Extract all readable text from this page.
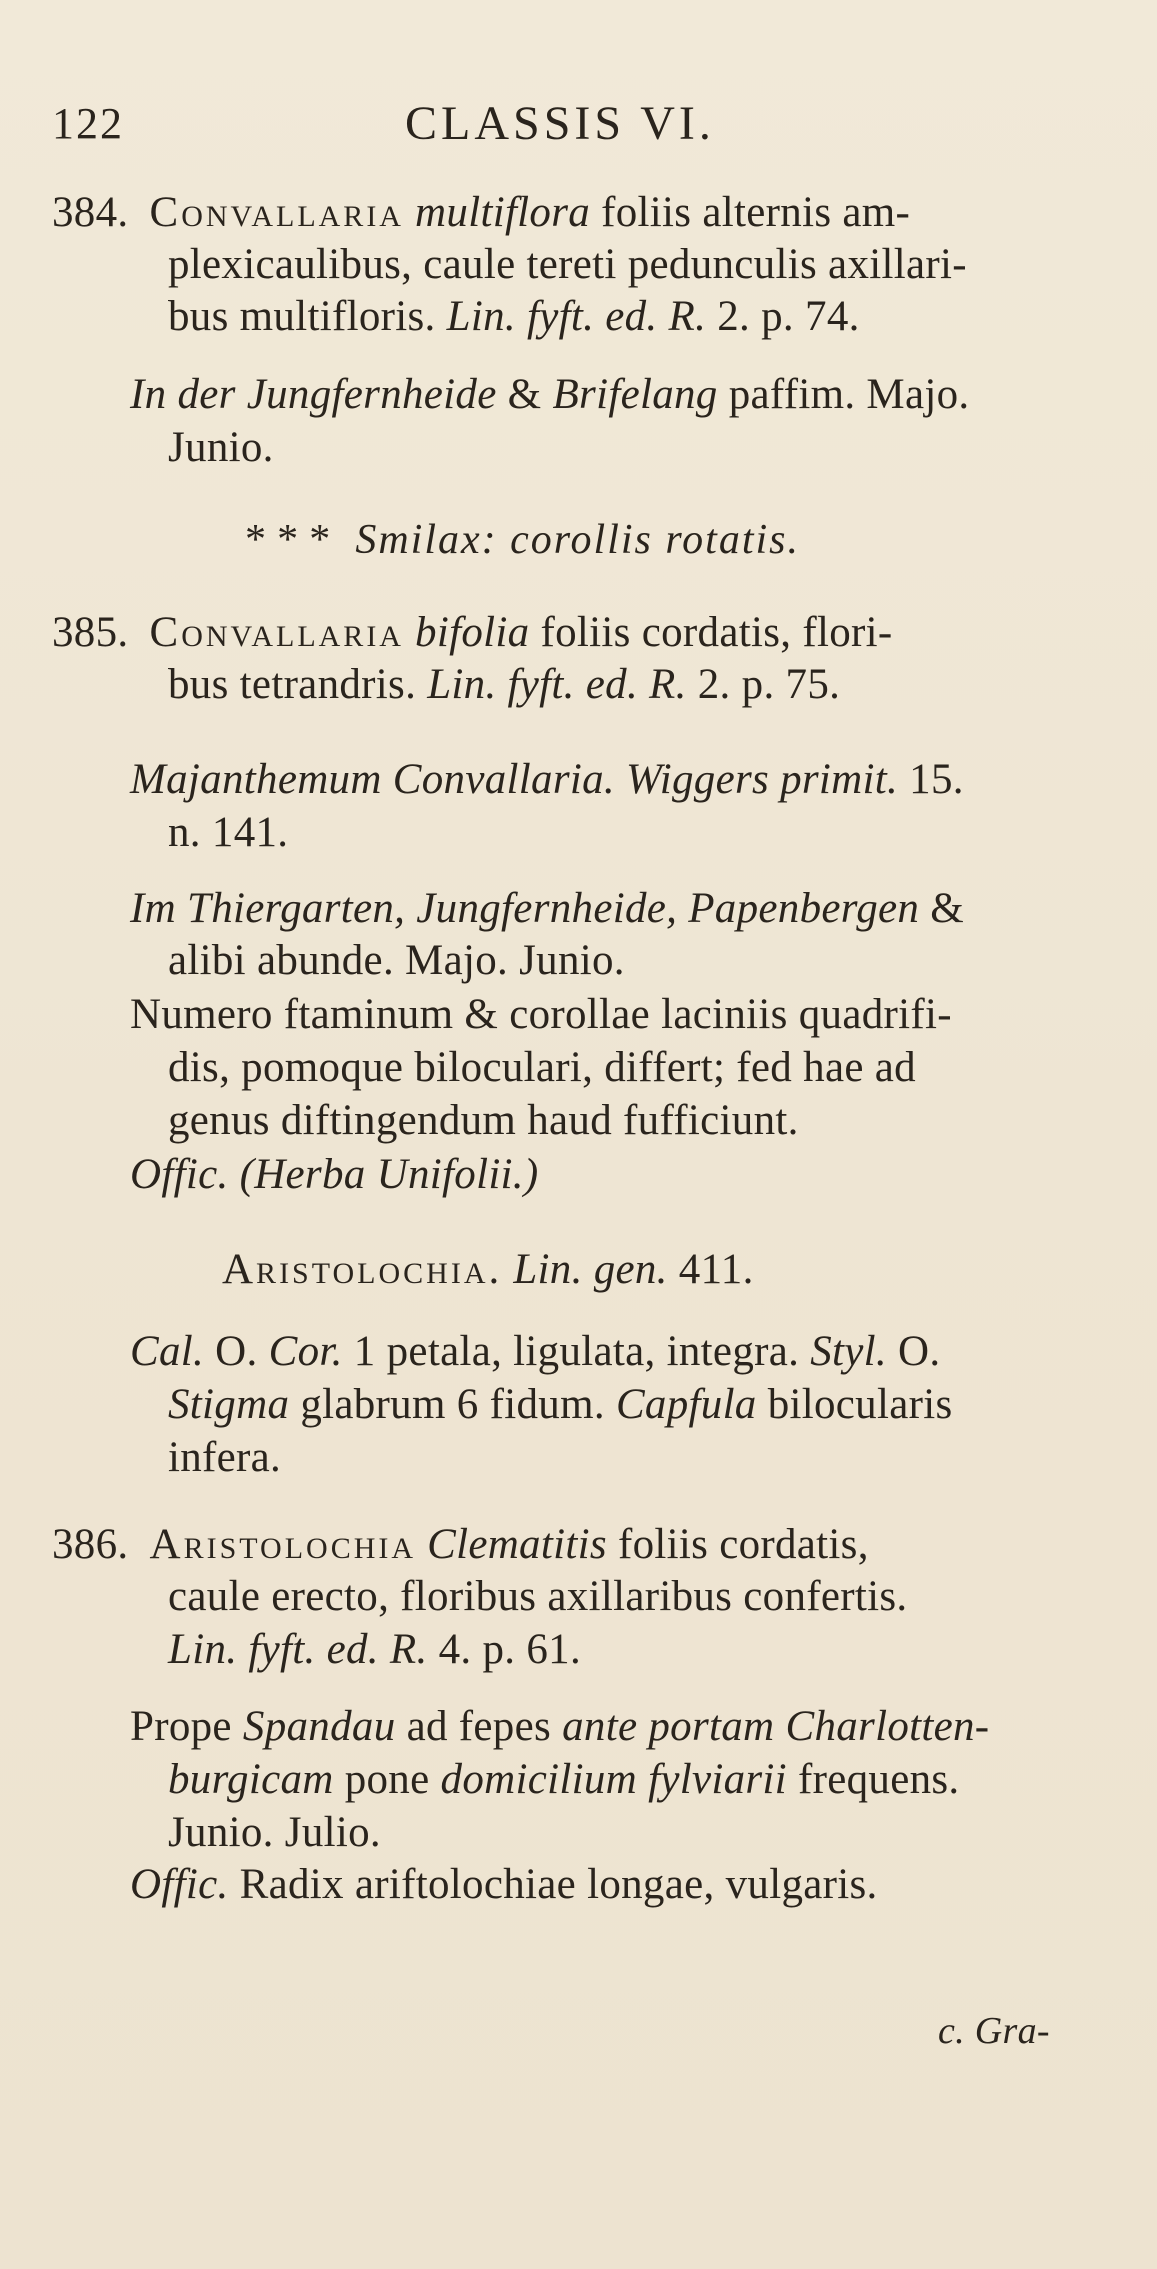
122	CLASSIS VI.
384. Convallaria multiflora foliis alternis am-
plexicaulibus, caule tereti pedunculis axillari-
bus multifloris. Lin. fyft. ed. R. 2. p. 74.
In der Jungfernheide & Brifelang paffim. Majo.
Junio.
* * * Smilax: corollis rotatis.
385. Convallaria bifolia foliis cordatis, flori-
bus tetrandris. Lin. fyft. ed. R. 2. p. 75.
Majanthemum Convallaria. Wiggers primit. 15.
n. 141.
Im Thiergarten, Jungfernheide, Papenbergen &
alibi abunde. Majo. Junio.
Numero ftaminum & corollae laciniis quadrifi-
dis, pomoque biloculari, differt; fed hae ad
genus diftingendum haud fufficiunt.
Offic. (Herba Unifolii.)
Aristolochia. Lin. gen. 411.
Cal. O. Cor. 1 petala, ligulata, integra. Styl. O.
Stigma glabrum 6 fidum. Capfula bilocularis
infera.
386. Aristolochia Clematitis foliis cordatis,
caule erecto, floribus axillaribus confertis.
Lin. fyft. ed. R. 4. p. 61.
Prope Spandau ad fepes ante portam Charlotten-
burgicam pone domicilium fylviarii frequens.
Junio. Julio.
Offic. Radix ariftolochiae longae, vulgaris.
c. Gra-
